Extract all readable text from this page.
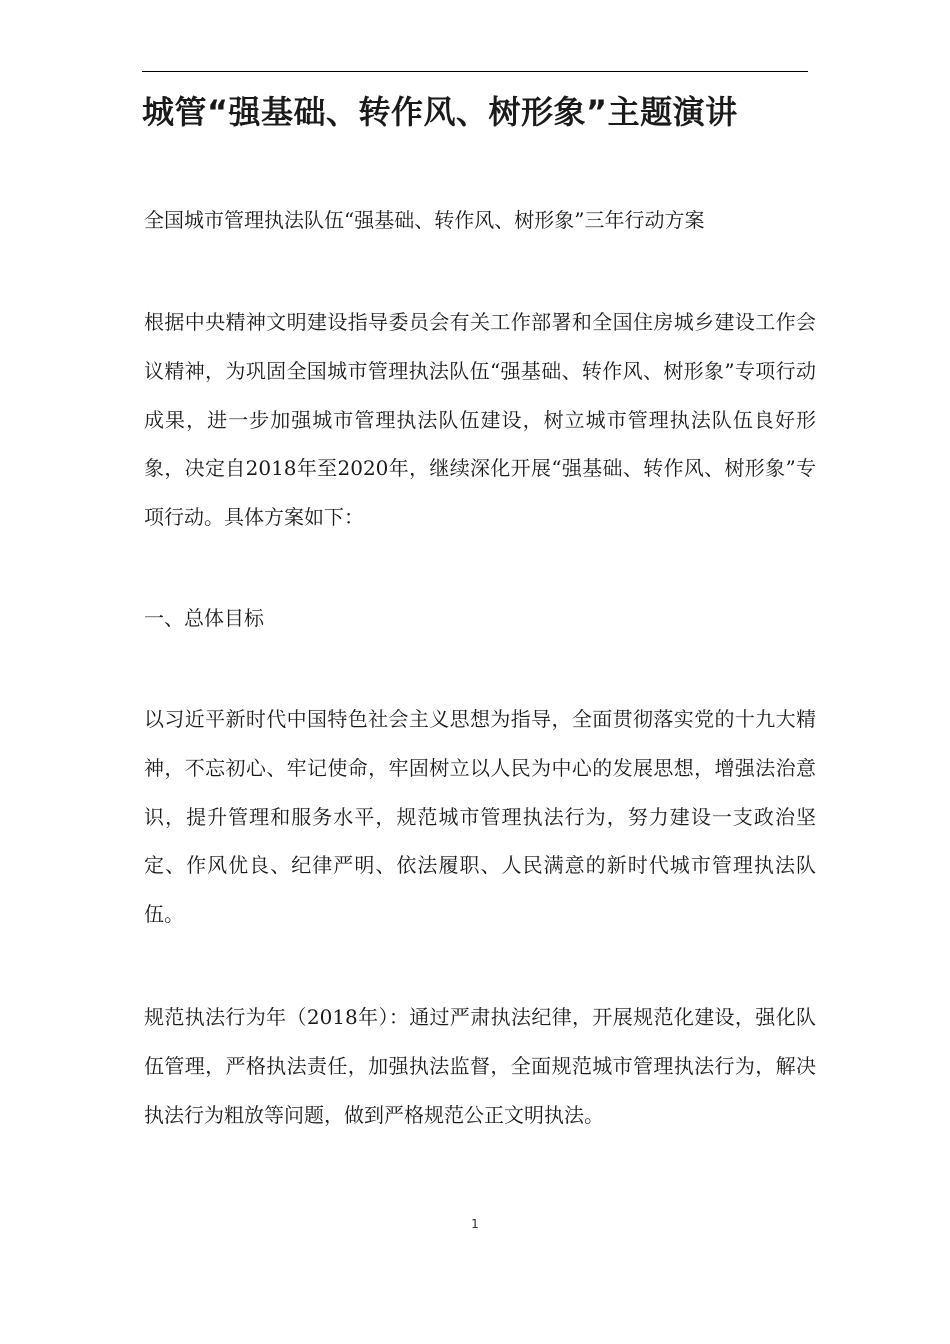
城管“强基础、转作风、树形象”主题演讲

全国城市管理执法队伍“强基础、转作风、树形象”三年行动方案

根据中央精神文明建设指导委员会有关工作部署和全国住房城乡建设工作会议精神，为巩固全国城市管理执法队伍“强基础、转作风、树形象”专项行动成果，进一步加强城市管理执法队伍建设，树立城市管理执法队伍良好形象，决定自2018年至2020年，继续深化开展“强基础、转作风、树形象”专项行动。具体方案如下：

一、总体目标

以习近平新时代中国特色社会主义思想为指导，全面贯彻落实党的十九大精神，不忘初心、牢记使命，牢固树立以人民为中心的发展思想，增强法治意识，提升管理和服务水平，规范城市管理执法行为，努力建设一支政治坚定、作风优良、纪律严明、依法履职、人民满意的新时代城市管理执法队伍。

规范执法行为年（2018年）：通过严肃执法纪律，开展规范化建设，强化队伍管理，严格执法责任，加强执法监督，全面规范城市管理执法行为，解决执法行为粗放等问题，做到严格规范公正文明执法。

1
